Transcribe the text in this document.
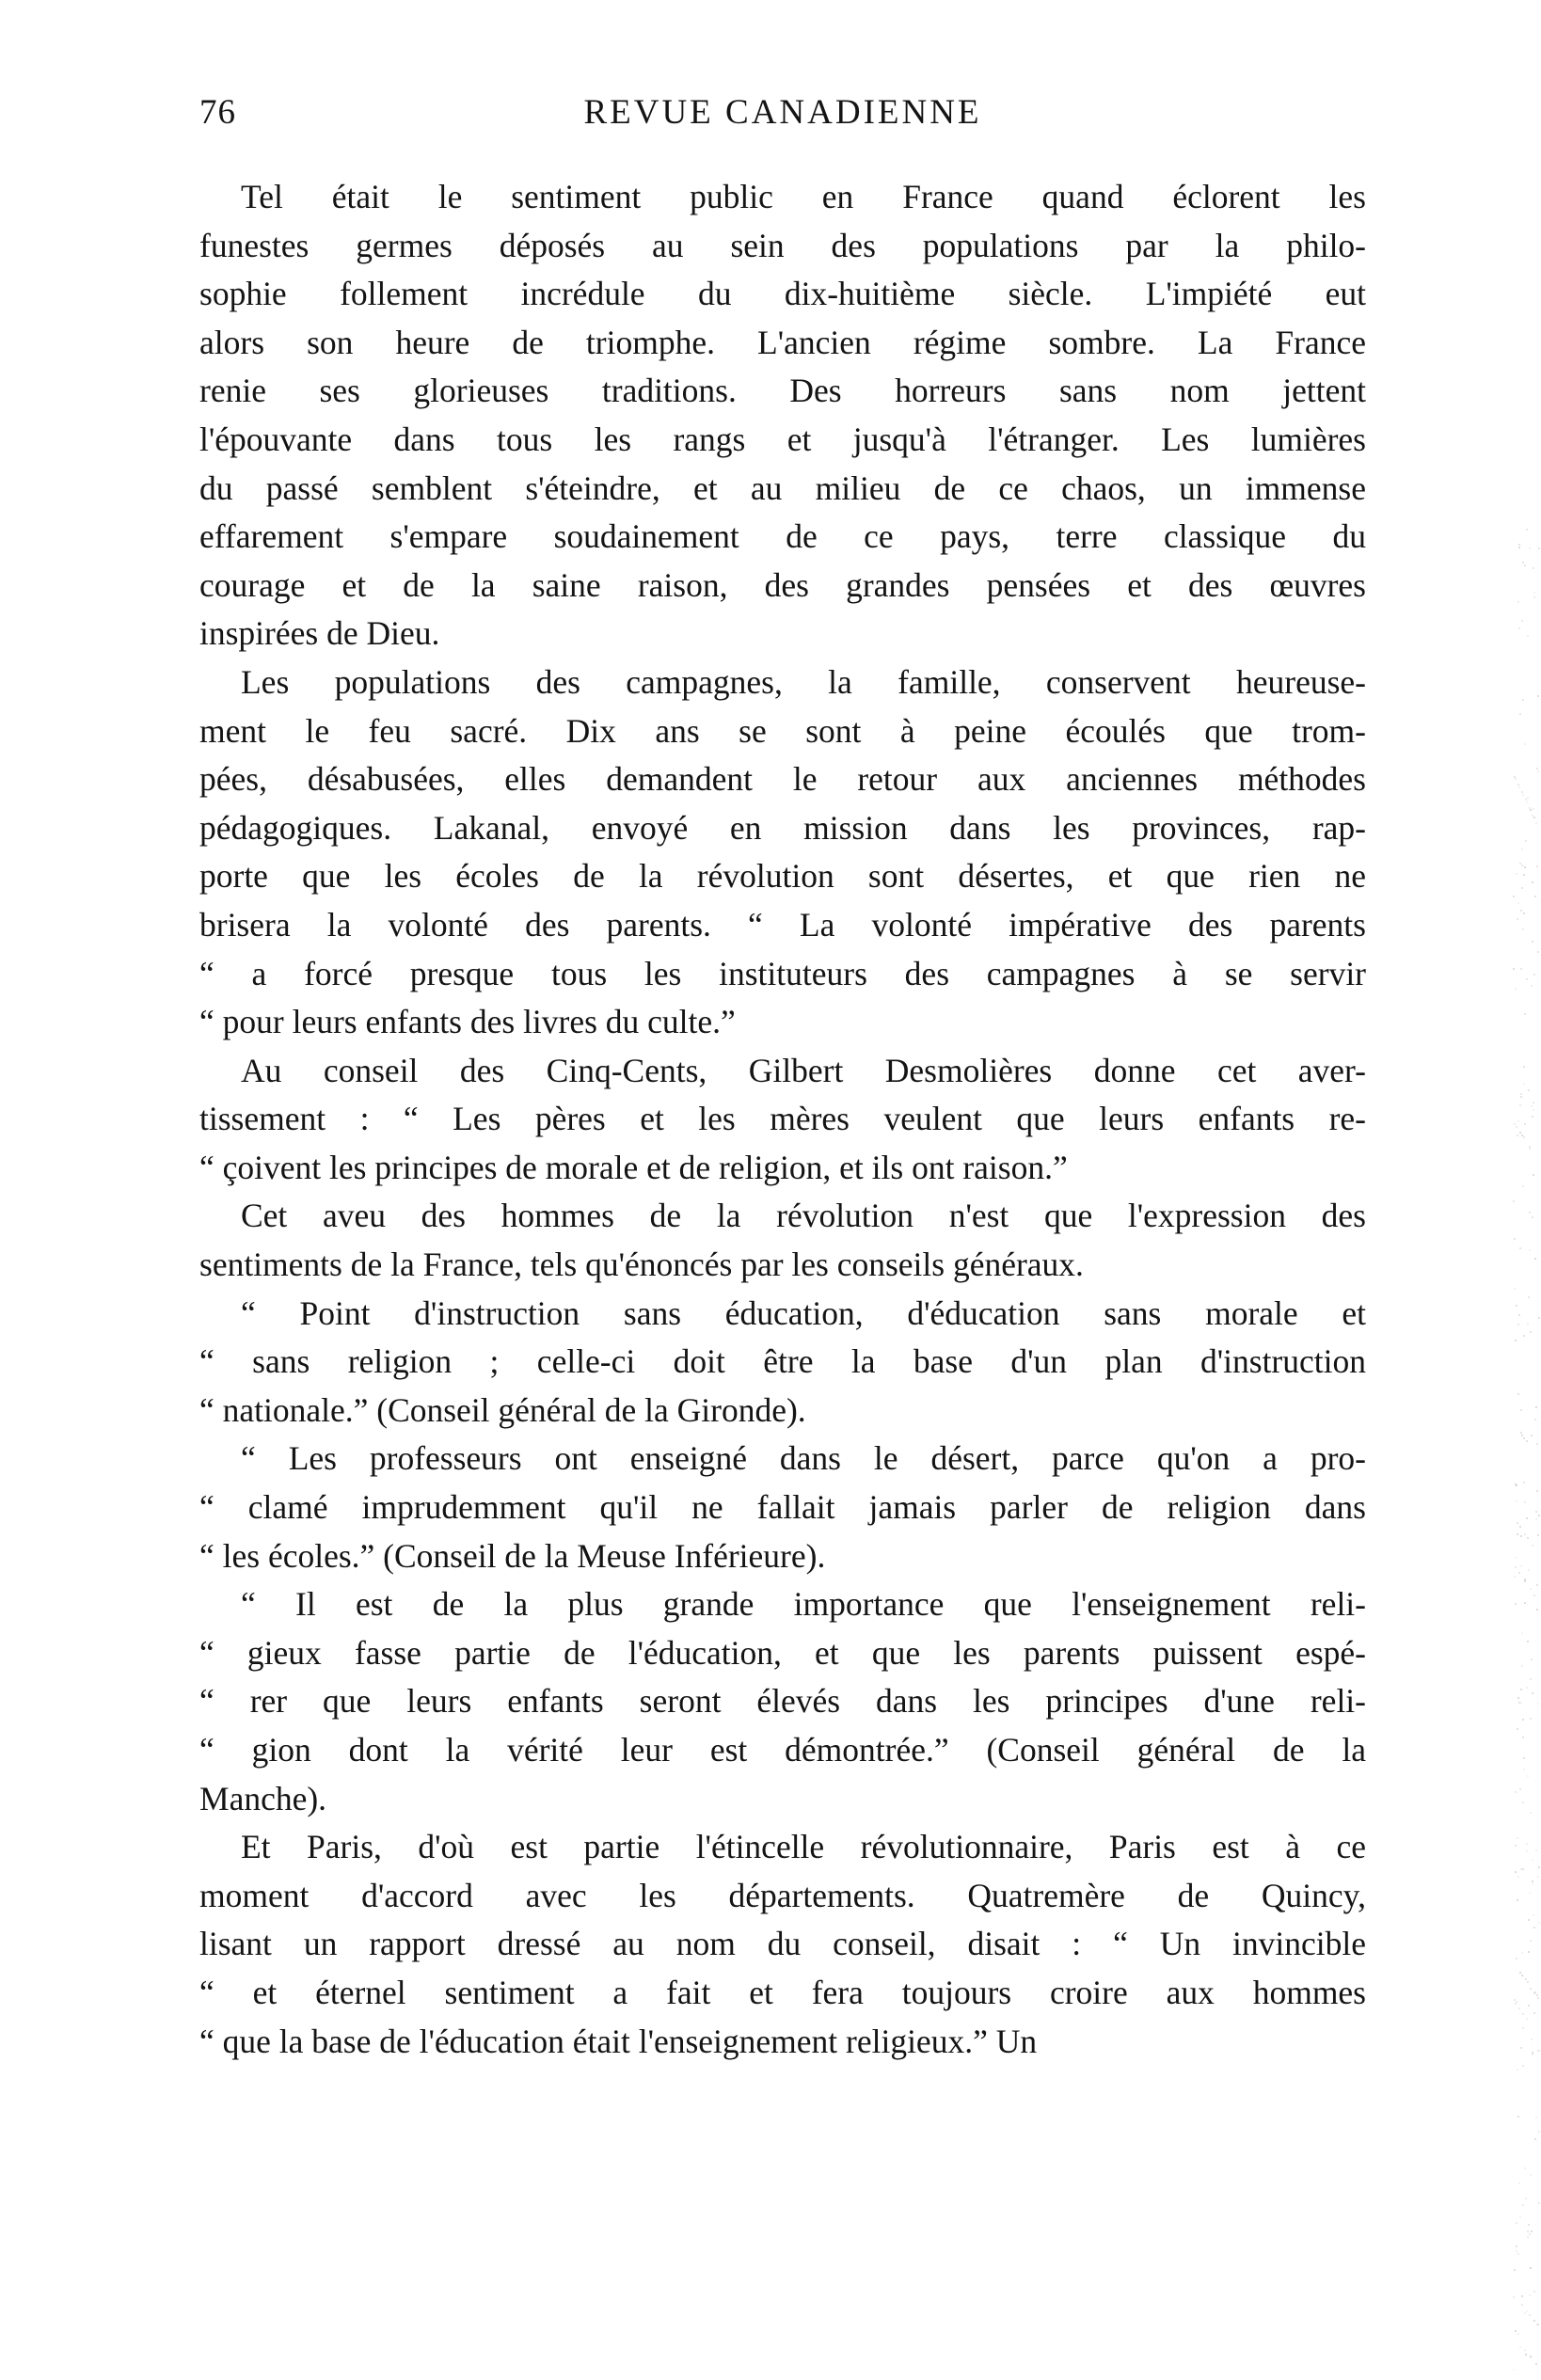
76	REVUE CANADIENNE
Tel était le sentiment public en France quand éclorent les
funestes germes déposés au sein des populations par la philo-
sophie follement incrédule du dix-huitième siècle. L'impiété eut
alors son heure de triomphe. L'ancien régime sombre. La France
renie ses glorieuses traditions. Des horreurs sans nom jettent
l'épouvante dans tous les rangs et jusqu'à l'étranger. Les lumières
du passé semblent s'éteindre, et au milieu de ce chaos, un immense
effarement s'empare soudainement de ce pays, terre classique du
courage et de la saine raison, des grandes pensées et des œuvres
inspirées de Dieu.
Les populations des campagnes, la famille, conservent heureuse-
ment le feu sacré. Dix ans se sont à peine écoulés que trom-
pées, désabusées, elles demandent le retour aux anciennes méthodes
pédagogiques. Lakanal, envoyé en mission dans les provinces, rap-
porte que les écoles de la révolution sont désertes, et que rien ne
brisera la volonté des parents. “ La volonté impérative des parents
“ a forcé presque tous les instituteurs des campagnes à se servir
“ pour leurs enfants des livres du culte.”
Au conseil des Cinq-Cents, Gilbert Desmolières donne cet aver-
tissement : “ Les pères et les mères veulent que leurs enfants re-
“ çoivent les principes de morale et de religion, et ils ont raison.”
Cet aveu des hommes de la révolution n'est que l'expression des
sentiments de la France, tels qu'énoncés par les conseils généraux.
“ Point d'instruction sans éducation, d'éducation sans morale et
“ sans religion ; celle-ci doit être la base d'un plan d'instruction
“ nationale.” (Conseil général de la Gironde).
“ Les professeurs ont enseigné dans le désert, parce qu'on a pro-
“ clamé imprudemment qu'il ne fallait jamais parler de religion dans
“ les écoles.” (Conseil de la Meuse Inférieure).
“ Il est de la plus grande importance que l'enseignement reli-
“ gieux fasse partie de l'éducation, et que les parents puissent espé-
“ rer que leurs enfants seront élevés dans les principes d'une reli-
“ gion dont la vérité leur est démontrée.” (Conseil général de la
Manche).
Et Paris, d'où est partie l'étincelle révolutionnaire, Paris est à ce
moment d'accord avec les départements. Quatremère de Quincy,
lisant un rapport dressé au nom du conseil, disait : “ Un invincible
“ et éternel sentiment a fait et fera toujours croire aux hommes
“ que la base de l'éducation était l'enseignement religieux.” Un
